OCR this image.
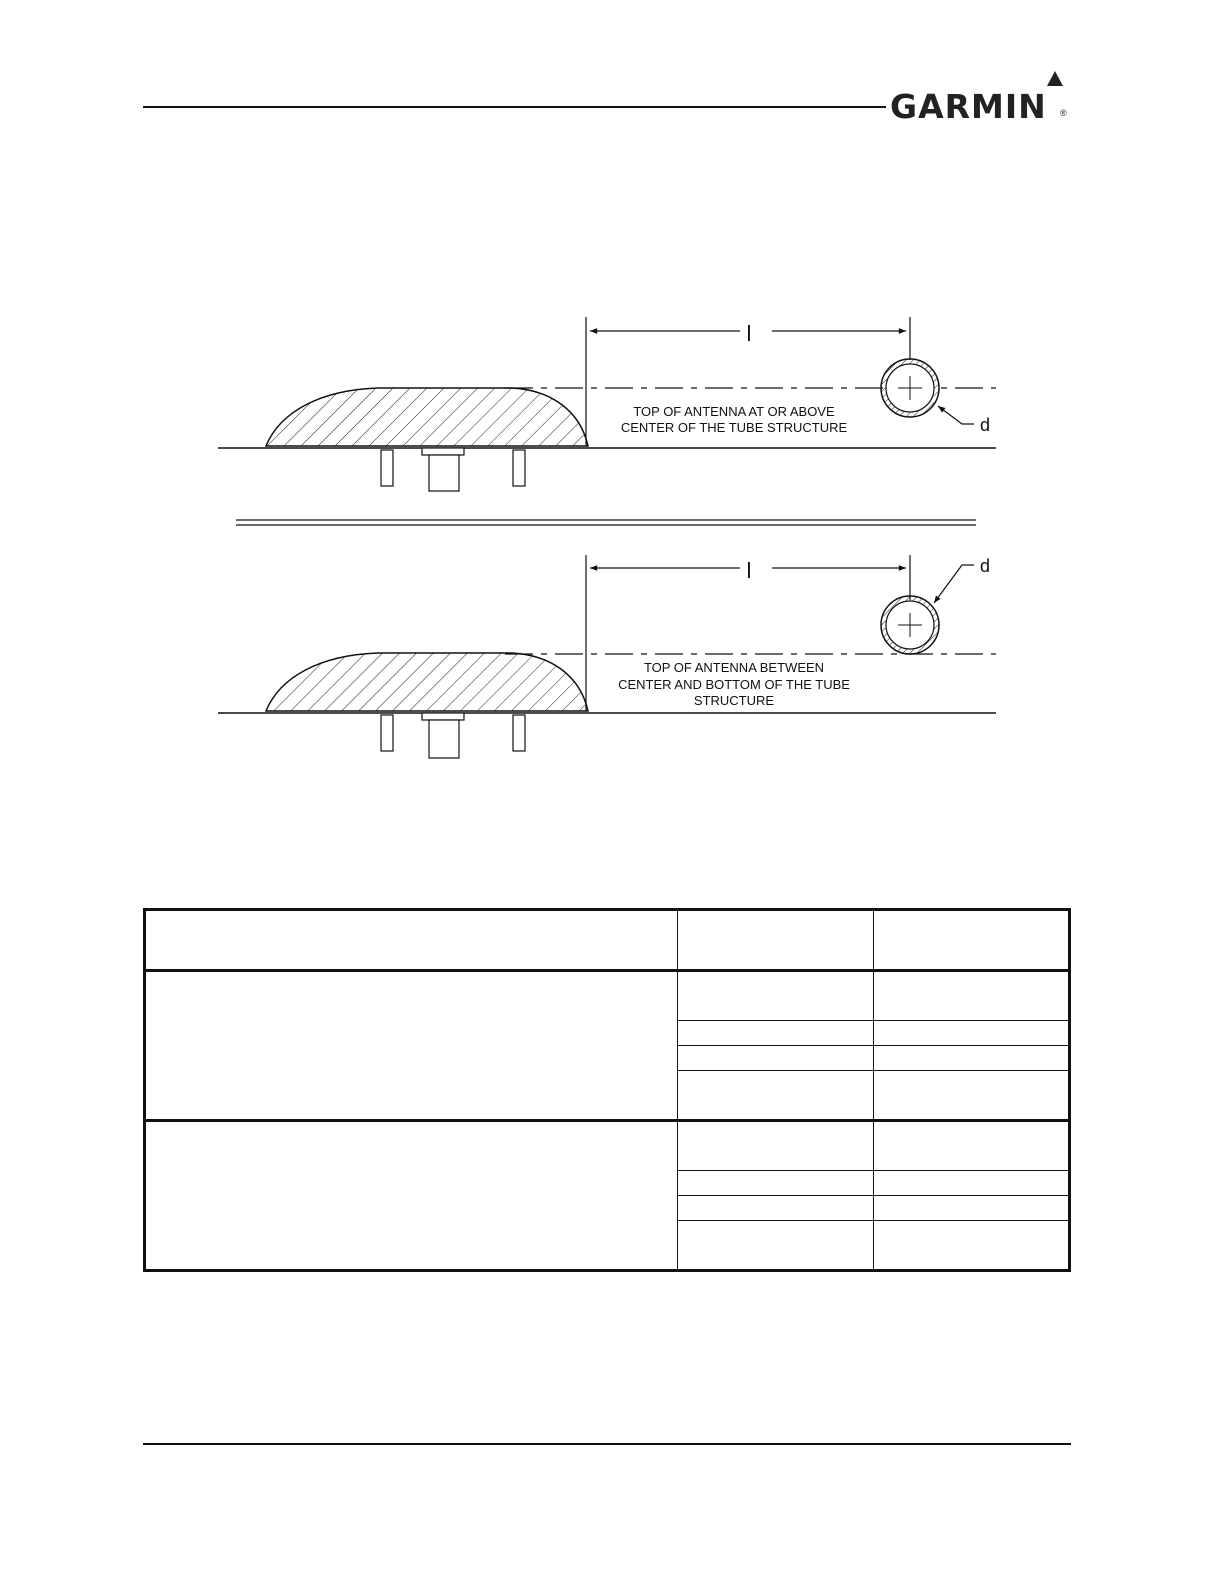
GARMIN ®
l
d
TOP OF ANTENNA AT OR ABOVE
CENTER OF THE TUBE STRUCTURE
l	d
TOP OF ANTENNA BETWEEN
CENTER AND BOTTOM OF THE TUBE
STRUCTURE
